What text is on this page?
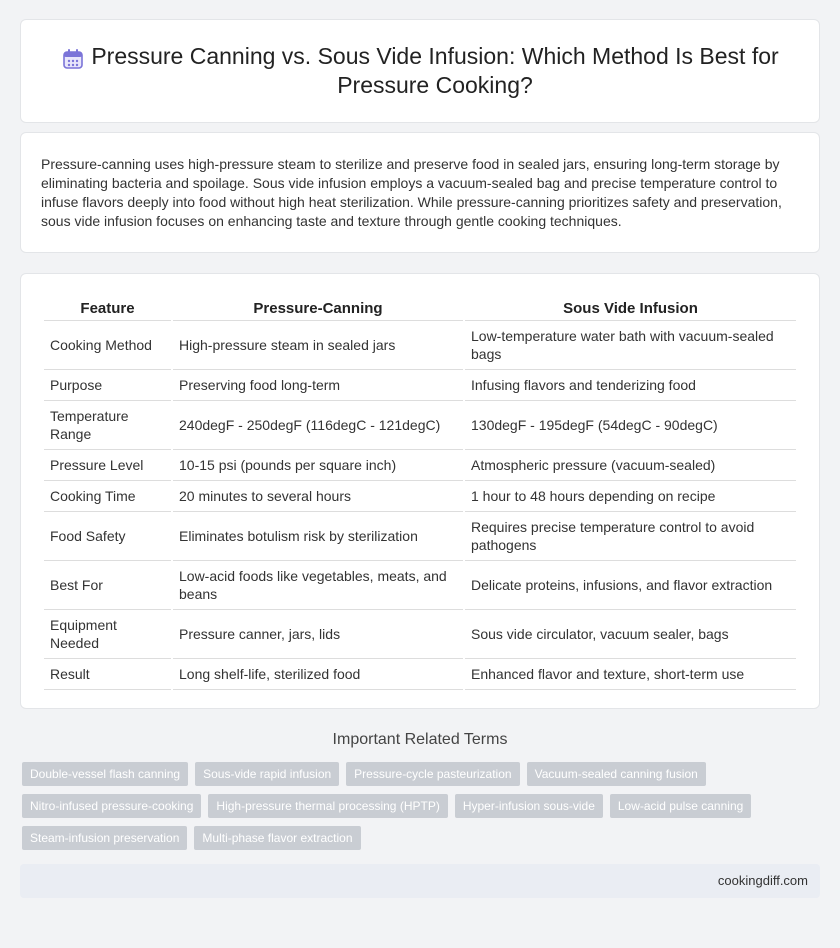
Pressure Canning vs. Sous Vide Infusion: Which Method Is Best for Pressure Cooking?

Pressure-canning uses high-pressure steam to sterilize and preserve food in sealed jars, ensuring long-term storage by eliminating bacteria and spoilage. Sous vide infusion employs a vacuum-sealed bag and precise temperature control to infuse flavors deeply into food without high heat sterilization. While pressure-canning prioritizes safety and preservation, sous vide infusion focuses on enhancing taste and texture through gentle cooking techniques.

Feature	Pressure-Canning	Sous Vide Infusion
Cooking Method	High-pressure steam in sealed jars	Low-temperature water bath with vacuum-sealed bags
Purpose	Preserving food long-term	Infusing flavors and tenderizing food
Temperature Range	240degF - 250degF (116degC - 121degC)	130degF - 195degF (54degC - 90degC)
Pressure Level	10-15 psi (pounds per square inch)	Atmospheric pressure (vacuum-sealed)
Cooking Time	20 minutes to several hours	1 hour to 48 hours depending on recipe
Food Safety	Eliminates botulism risk by sterilization	Requires precise temperature control to avoid pathogens
Best For	Low-acid foods like vegetables, meats, and beans	Delicate proteins, infusions, and flavor extraction
Equipment Needed	Pressure canner, jars, lids	Sous vide circulator, vacuum sealer, bags
Result	Long shelf-life, sterilized food	Enhanced flavor and texture, short-term use
Important Related Terms
Double-vessel flash canning	Sous-vide rapid infusion	Pressure-cycle pasteurization	Vacuum-sealed canning fusion
Nitro-infused pressure-cooking	High-pressure thermal processing (HPTP)	Hyper-infusion sous-vide	Low-acid pulse canning
Steam-infusion preservation	Multi-phase flavor extraction
cookingdiff.com
